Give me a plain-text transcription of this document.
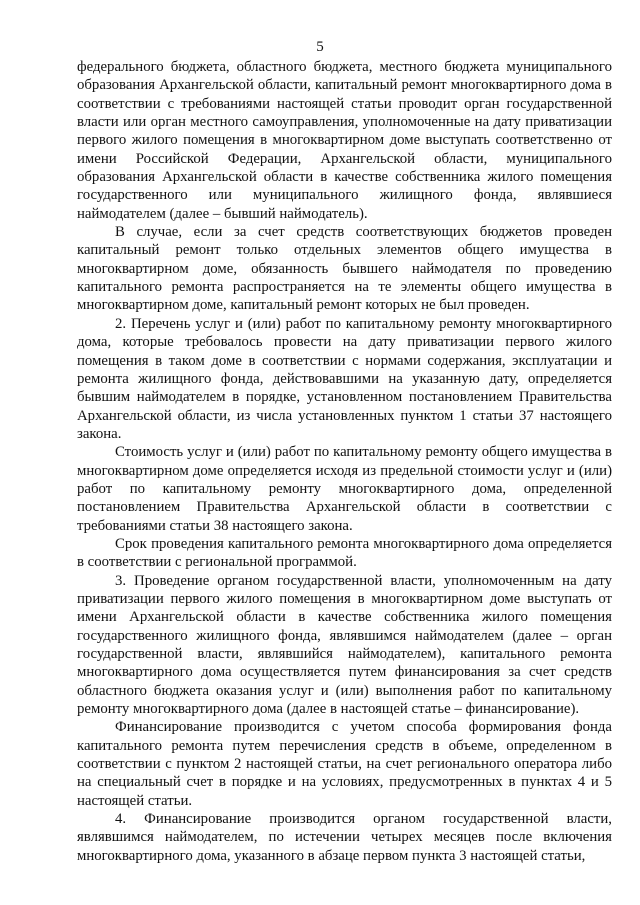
5

федерального бюджета, областного бюджета, местного бюджета муниципального образования Архангельской области, капитальный ремонт многоквартирного дома в соответствии с требованиями настоящей статьи проводит орган государственной власти или орган местного самоуправления, уполномоченные на дату приватизации первого жилого помещения в многоквартирном доме выступать соответственно от имени Российской Федерации, Архангельской области, муниципального образования Архангельской области в качестве собственника жилого помещения государственного или муниципального жилищного фонда, являвшиеся наймодателем (далее – бывший наймодатель).

В случае, если за счет средств соответствующих бюджетов проведен капитальный ремонт только отдельных элементов общего имущества в многоквартирном доме, обязанность бывшего наймодателя по проведению капитального ремонта распространяется на те элементы общего имущества в многоквартирном доме, капитальный ремонт которых не был проведен.

2. Перечень услуг и (или) работ по капитальному ремонту многоквартирного дома, которые требовалось провести на дату приватизации первого жилого помещения в таком доме в соответствии с нормами содержания, эксплуатации и ремонта жилищного фонда, действовавшими на указанную дату, определяется бывшим наймодателем в порядке, установленном постановлением Правительства Архангельской области, из числа установленных пунктом 1 статьи 37 настоящего закона.

Стоимость услуг и (или) работ по капитальному ремонту общего имущества в многоквартирном доме определяется исходя из предельной стоимости услуг и (или) работ по капитальному ремонту многоквартирного дома, определенной постановлением Правительства Архангельской области в соответствии с требованиями статьи 38 настоящего закона.

Срок проведения капитального ремонта многоквартирного дома определяется в соответствии с региональной программой.

3. Проведение органом государственной власти, уполномоченным на дату приватизации первого жилого помещения в многоквартирном доме выступать от имени Архангельской области в качестве собственника жилого помещения государственного жилищного фонда, являвшимся наймодателем (далее – орган государственной власти, являвшийся наймодателем), капитального ремонта многоквартирного дома осуществляется путем финансирования за счет средств областного бюджета оказания услуг и (или) выполнения работ по капитальному ремонту многоквартирного дома (далее в настоящей статье – финансирование).

Финансирование производится с учетом способа формирования фонда капитального ремонта путем перечисления средств в объеме, определенном в соответствии с пунктом 2 настоящей статьи, на счет регионального оператора либо на специальный счет в порядке и на условиях, предусмотренных в пунктах 4 и 5 настоящей статьи.

4. Финансирование производится органом государственной власти, являвшимся наймодателем, по истечении четырех месяцев после включения многоквартирного дома, указанного в абзаце первом пункта 3 настоящей статьи,
